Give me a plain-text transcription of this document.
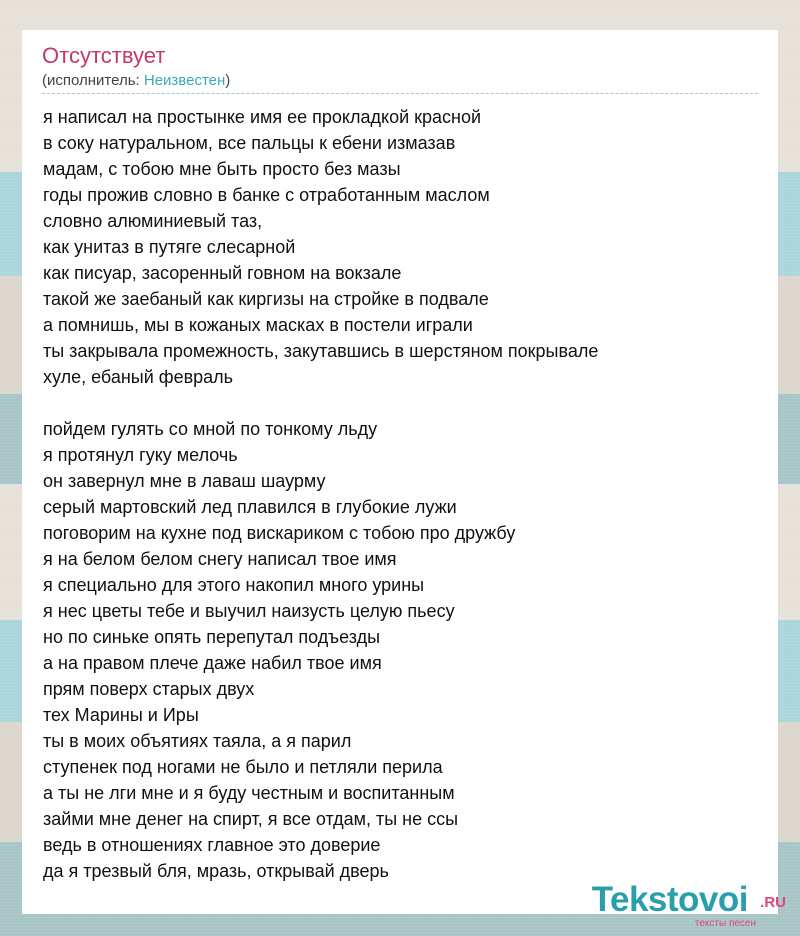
Отсутствует
(исполнитель: Неизвестен)
я написал на простынке имя ее прокладкой красной
в соку натуральном, все пальцы к ебени измазав
мадам, с тобою мне быть просто без мазы
годы прожив словно в банке с отработанным маслом
словно алюминиевый таз,
как унитаз в путяге слесарной
как писуар, засоренный говном на вокзале
такой же заебаный как киргизы на стройке в подвале
а помнишь, мы в кожаных масках в постели играли
ты закрывала промежность, закутавшись в шерстяном покрывале
хуле, ебаный февраль
пойдем гулять со мной по тонкому льду
я протянул гуку мелочь
он завернул мне в лаваш шаурму
серый мартовский лед плавился в глубокие лужи
поговорим на кухне под вискариком с тобою про дружбу
я на белом белом снегу написал твое имя
я специально для этого накопил много урины
я нес цветы тебе и выучил наизусть целую пьесу
но по синьке опять перепутал подъезды
а на правом плече даже набил твое имя
прям поверх старых двух
тех Марины и Иры
ты в моих объятиях таяла, а я парил
ступенек под ногами не было и петляли перила
а ты не лги мне и я буду честным и воспитанным
займи мне денег на спирт, я все отдам, ты не ссы
ведь в отношениях главное это доверие
да я трезвый бля, мразь, открывай дверь
Tekstovoi .RU
тексты песен
